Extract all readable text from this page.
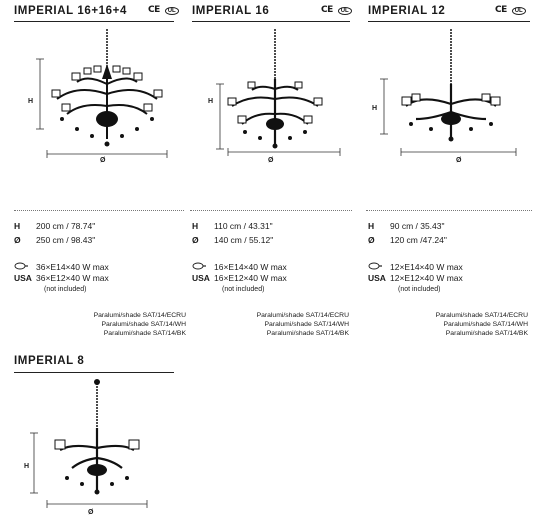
IMPERIAL 16+16+4	CE UL
H
Ø
H 200 cm / 78.74"
Ø 250 cm / 98.43"
36×E14×40 W max
USA 36×E12×40 W max
(not included)
Paralumi/shade SAT/14/ECRU
Paralumi/shade SAT/14/WH
Paralumi/shade SAT/14/BK
IMPERIAL 16	CE UL
H
Ø
H 110 cm / 43.31"
Ø 140 cm / 55.12"
16×E14×40 W max
USA 16×E12×40 W max
(not included)
Paralumi/shade SAT/14/ECRU
Paralumi/shade SAT/14/WH
Paralumi/shade SAT/14/BK
IMPERIAL 12	CE UL
H
Ø
H 90 cm / 35.43"
Ø 120 cm /47.24"
12×E14×40 W max
USA 12×E12×40 W max
(not included)
Paralumi/shade SAT/14/ECRU
Paralumi/shade SAT/14/WH
Paralumi/shade SAT/14/BK
IMPERIAL 8
H
Ø
